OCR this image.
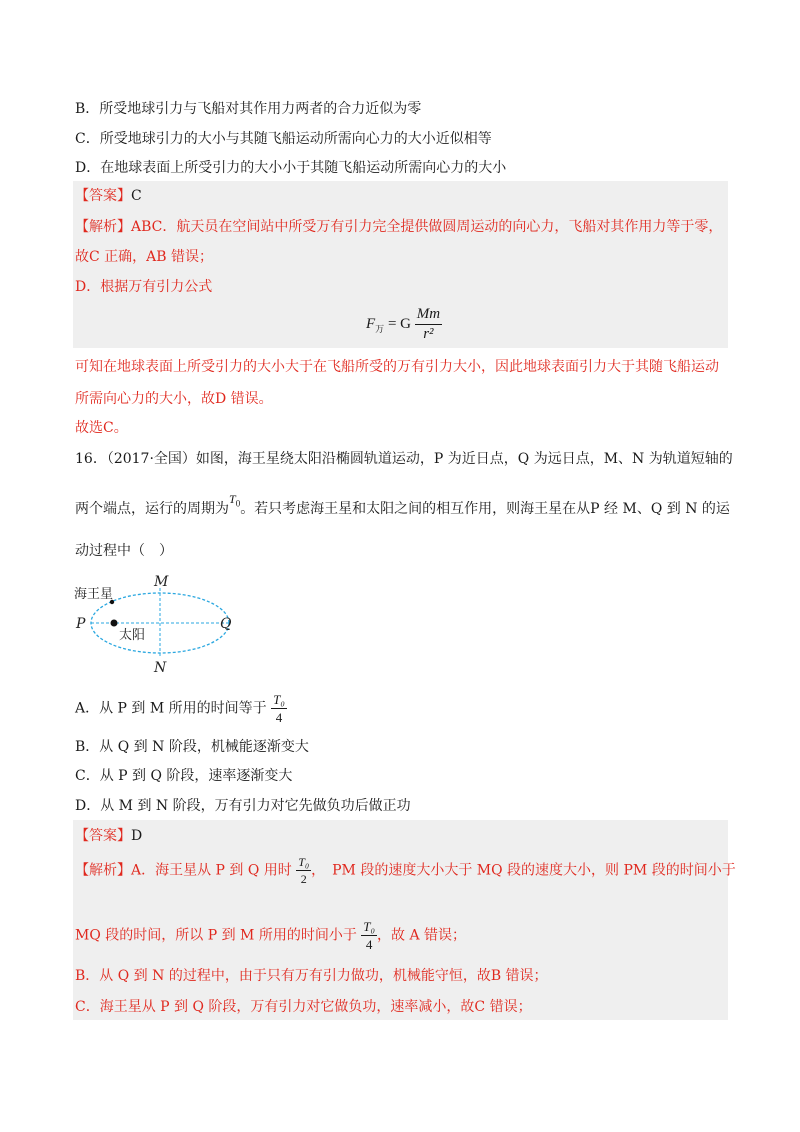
B．所受地球引力与飞船对其作用力两者的合力近似为零
C．所受地球引力的大小与其随飞船运动所需向心力的大小近似相等
D．在地球表面上所受引力的大小小于其随飞船运动所需向心力的大小
【答案】C
【解析】ABC．航天员在空间站中所受万有引力完全提供做圆周运动的向心力，飞船对其作用力等于零，
故C 正确，AB 错误；
D．根据万有引力公式
$F_万 = G \frac{Mm}{\text{r²}}$
可知在地球表面上所受引力的大小大于在飞船所受的万有引力大小，因此地球表面引力大于其随飞船运动
所需向心力的大小，故D 错误。
故选C。
16．（2017·全国）如图，海王星绕太阳沿椭圆轨道运动，P 为近日点，Q 为远日点，M、N 为轨道短轴的
两个端点，运行的周期为$T_0$。若只考虑海王星和太阳之间的相互作用，则海王星在从P 经 M、Q 到 N 的运
动过程中（　）
海王星
太阳
P	Q
M
N
A．从 P 到 M 所用的时间等于 $\frac{\text{T₀}}{4}$
B．从 Q 到 N 阶段，机械能逐渐变大
C．从 P 到 Q 阶段，速率逐渐变大
D．从 M 到 N 阶段，万有引力对它先做负功后做正功
【答案】D
【解析】A．海王星从 P 到 Q 用时 $\frac{\text{T₀}}{2}$ ，　PM 段的速度大小大于 MQ 段的速度大小，则 PM 段的时间小于
MQ 段的时间，所以 P 到 M 所用的时间小于 $\frac{\text{T₀}}{4}$ ，故 A 错误；
B．从 Q 到 N 的过程中，由于只有万有引力做功，机械能守恒，故B 错误；
C．海王星从 P 到 Q 阶段，万有引力对它做负功，速率减小，故C 错误；
